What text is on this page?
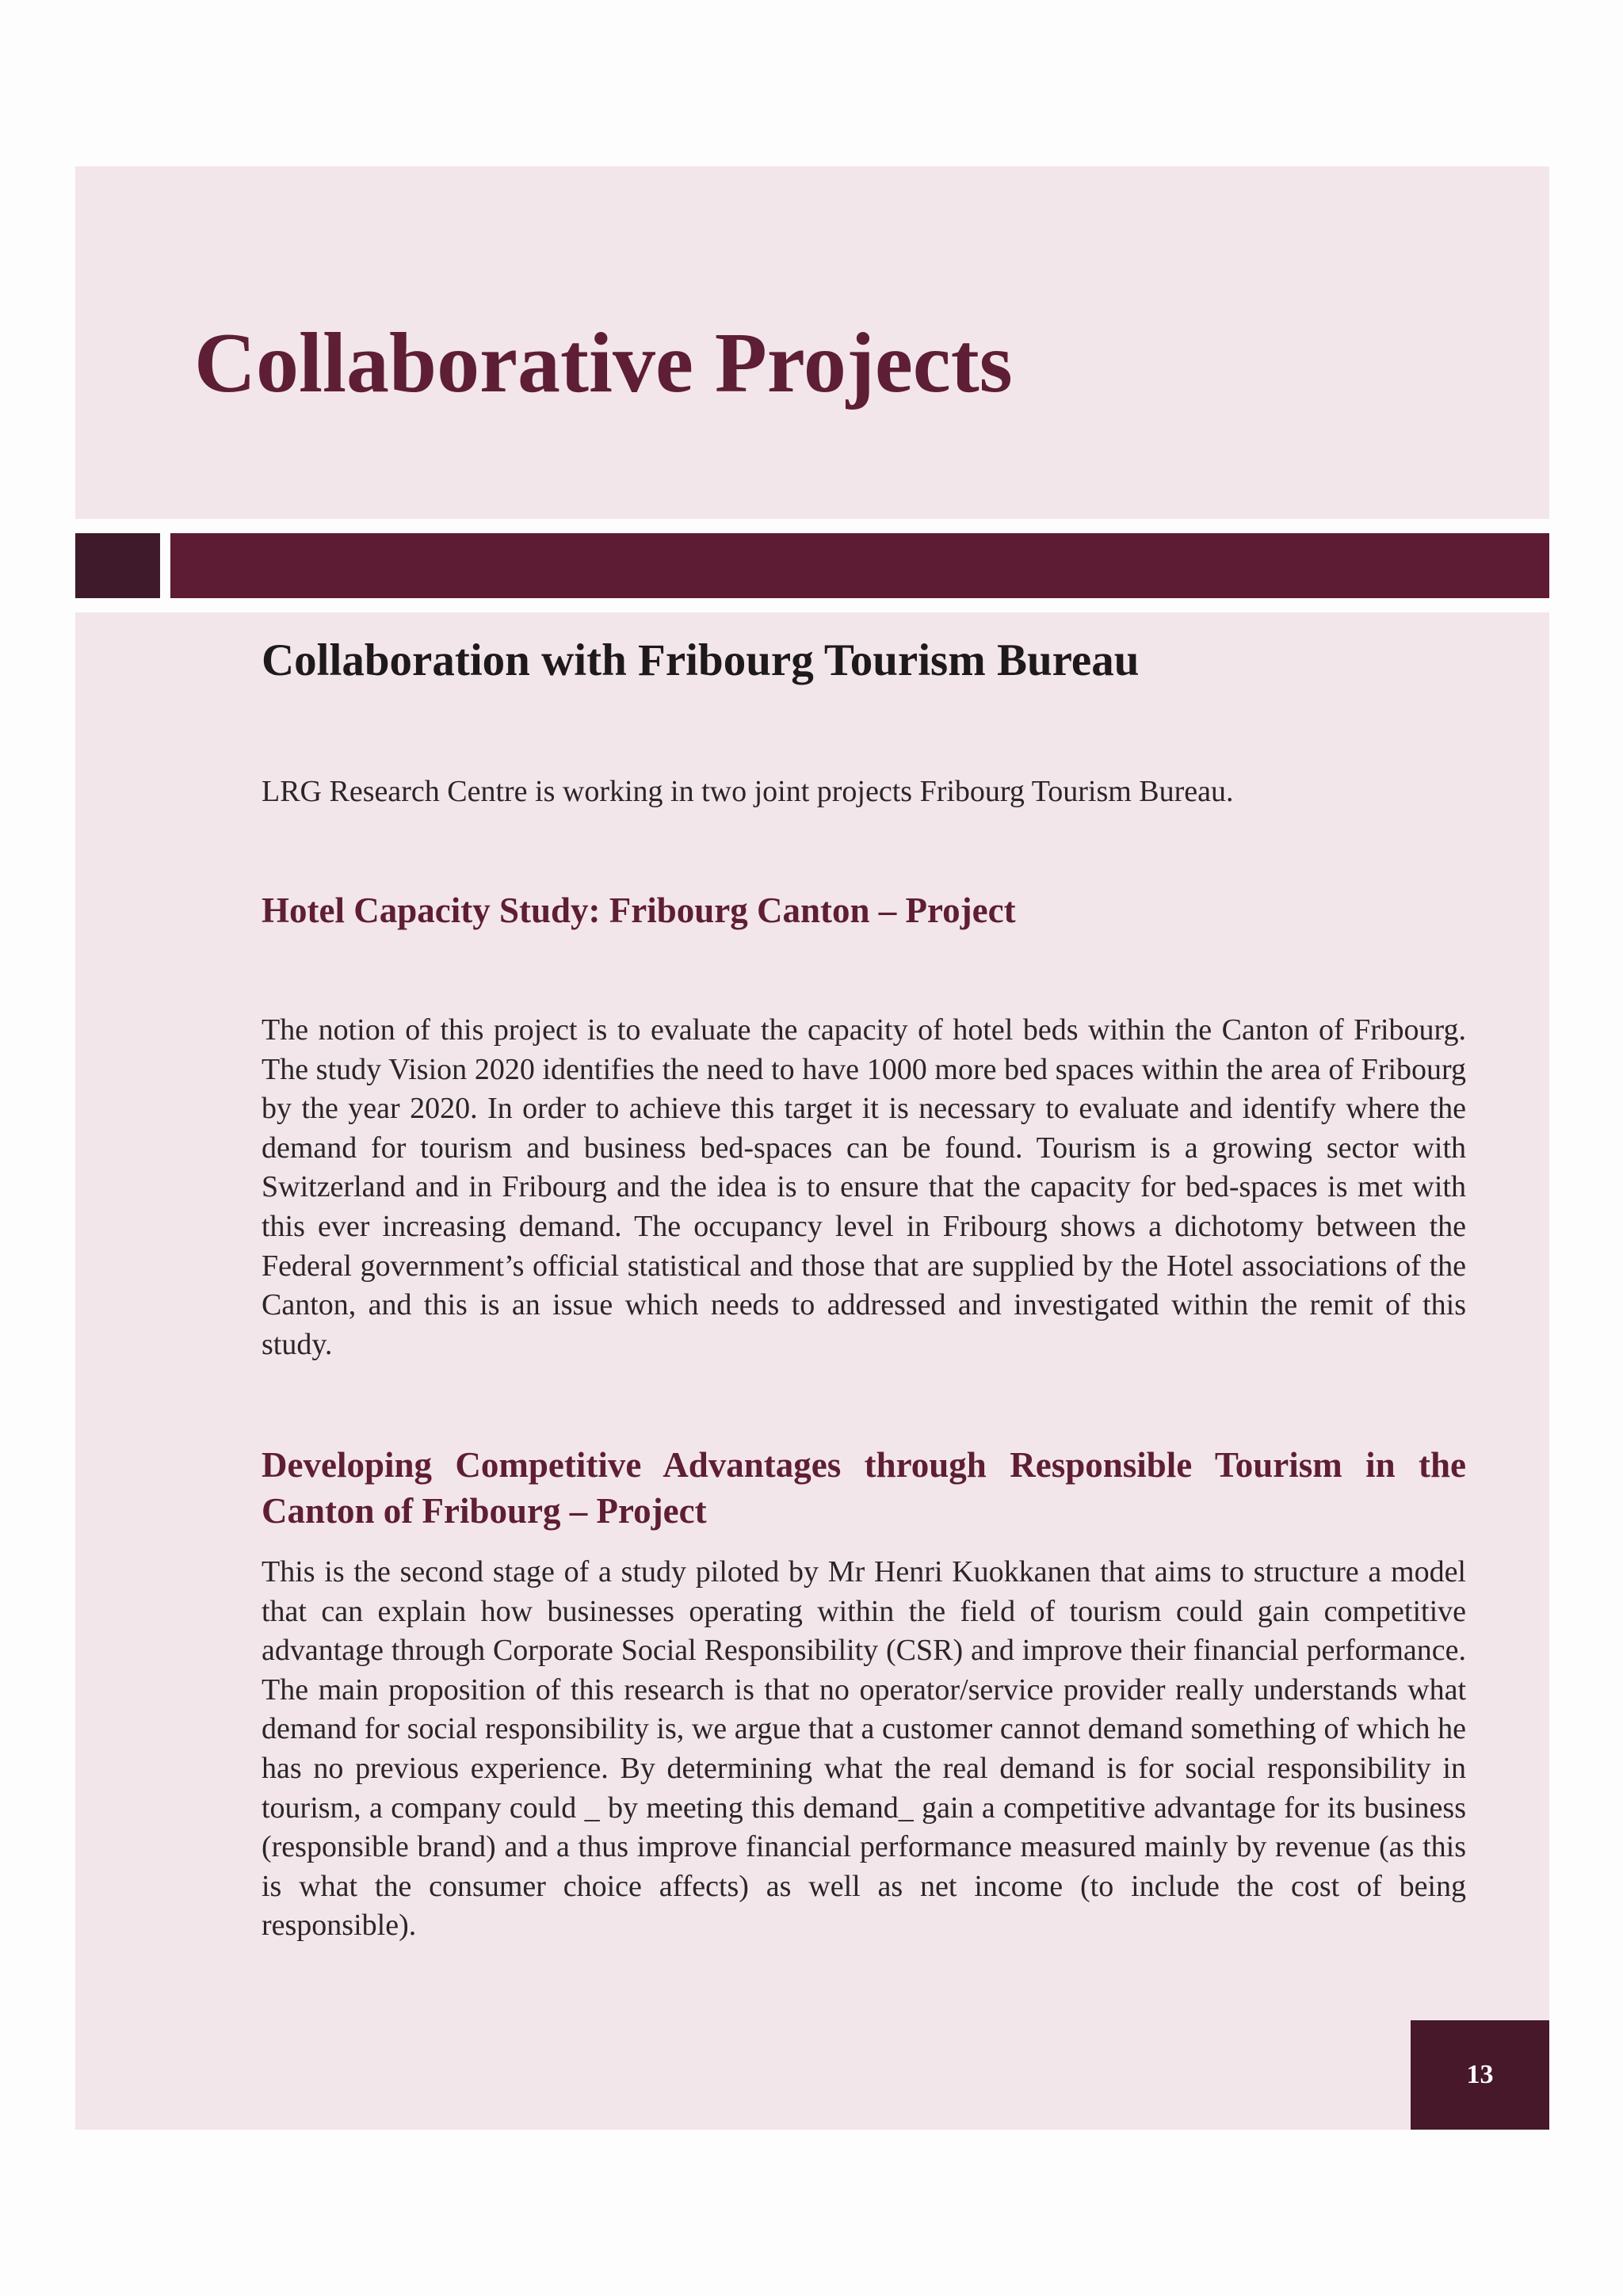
Collaborative Projects
Collaboration with Fribourg Tourism Bureau

LRG Research Centre is working in two joint projects Fribourg Tourism Bureau.

Hotel Capacity Study: Fribourg Canton – Project

The notion of this project is to evaluate the capacity of hotel beds within the Canton of Fribourg. The study Vision 2020 identifies the need to have 1000 more bed spaces within the area of Fribourg by the year 2020. In order to achieve this target it is necessary to evaluate and identify where the demand for tourism and business bed-spaces can be found. Tourism is a growing sector with Switzerland and in Fribourg and the idea is to ensure that the capacity for bed-spaces is met with this ever increasing demand. The occupancy level in Fribourg shows a dichotomy between the Federal government’s official statistical and those that are supplied by the Hotel associations of the Canton, and this is an issue which needs to addressed and investigated within the remit of this study.

Developing Competitive Advantages through Responsible Tourism in the Canton of Fribourg – Project

This is the second stage of a study piloted by Mr Henri Kuokkanen that aims to structure a model that can explain how businesses operating within the field of tourism could gain competitive advantage through Corporate Social Responsibility (CSR) and improve their financial performance. The main proposition of this research is that no operator/service provider really understands what demand for social responsibility is, we argue that a customer cannot demand something of which he has no previous experience. By determining what the real demand is for social responsibility in tourism, a company could _ by meeting this demand_ gain a competitive advantage for its business (responsible brand) and a thus improve financial performance measured mainly by revenue (as this is what the consumer choice affects) as well as net income (to include the cost of being responsible).

13
